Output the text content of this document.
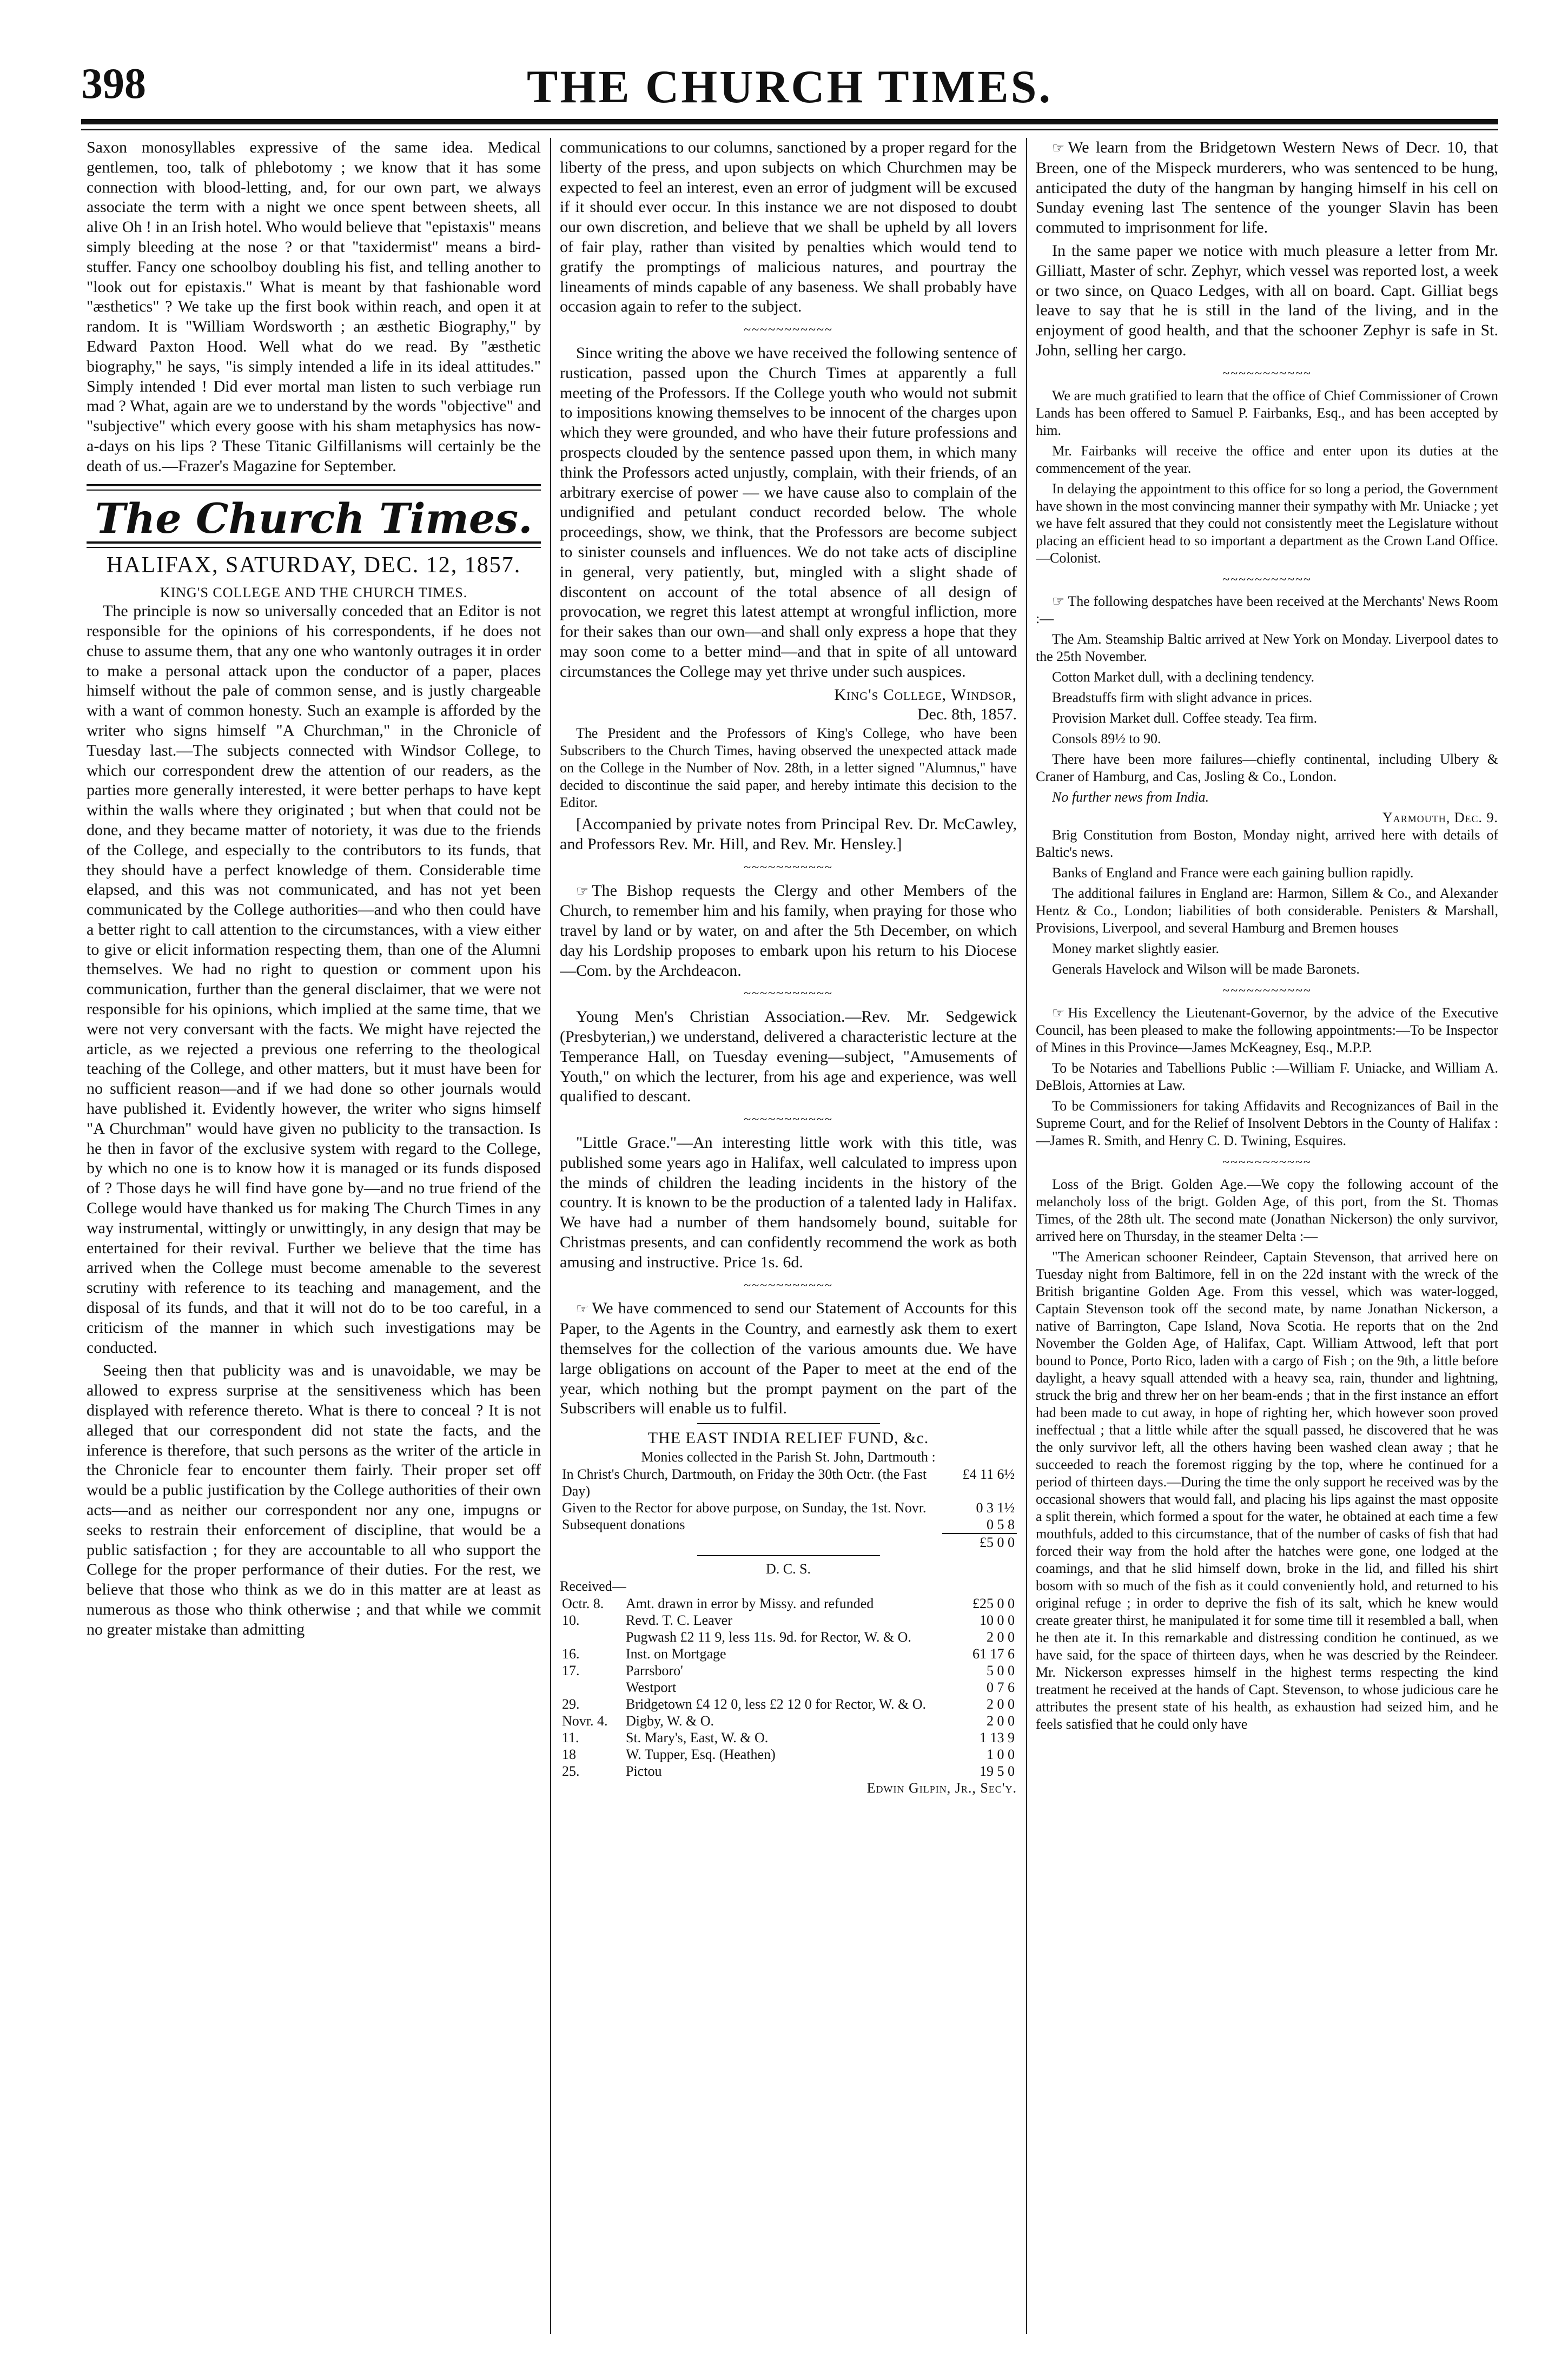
398	THE CHURCH TIMES.

Saxon monosyllables expressive of the same idea. Medical gentlemen, too, talk of phlebotomy ; we know that it has some connection with blood-letting, and, for our own part, we always associate the term with a night we once spent between sheets, all alive Oh ! in an Irish hotel. Who would believe that "epistaxis" means simply bleeding at the nose ? or that "taxidermist" means a bird-stuffer. Fancy one schoolboy doubling his fist, and telling another to "look out for epistaxis." What is meant by that fashionable word "æsthetics" ? We take up the first book within reach, and open it at random. It is "William Wordsworth ; an æsthetic Biography," by Edward Paxton Hood. Well what do we read. By "æsthetic biography," he says, "is simply intended a life in its ideal attitudes." Simply intended ! Did ever mortal man listen to such verbiage run mad ? What, again are we to understand by the words "objective" and "subjective" which every goose with his sham metaphysics has now-a-days on his lips ? These Titanic Gilfillanisms will certainly be the death of us.—Frazer's Magazine for September.

The Church Times.
HALIFAX, SATURDAY, DEC. 12, 1857.
KING'S COLLEGE AND THE CHURCH TIMES.

The principle is now so universally conceded that an Editor is not responsible for the opinions of his correspondents, if he does not chuse to assume them, that any one who wantonly outrages it in order to make a personal attack upon the conductor of a paper, places himself without the pale of common sense, and is justly chargeable with a want of common honesty. Such an example is afforded by the writer who signs himself "A Churchman," in the Chronicle of Tuesday last.—The subjects connected with Windsor College, to which our correspondent drew the attention of our readers, as the parties more generally interested, it were better perhaps to have kept within the walls where they originated ; but when that could not be done, and they became matter of notoriety, it was due to the friends of the College, and especially to the contributors to its funds, that they should have a perfect knowledge of them. Considerable time elapsed, and this was not communicated, and has not yet been communicated by the College authorities—and who then could have a better right to call attention to the circumstances, with a view either to give or elicit information respecting them, than one of the Alumni themselves. We had no right to question or comment upon his communication, further than the general disclaimer, that we were not responsible for his opinions, which implied at the same time, that we were not very conversant with the facts. We might have rejected the article, as we rejected a previous one referring to the theological teaching of the College, and other matters, but it must have been for no sufficient reason—and if we had done so other journals would have published it. Evidently however, the writer who signs himself "A Churchman" would have given no publicity to the transaction. Is he then in favor of the exclusive system with regard to the College, by which no one is to know how it is managed or its funds disposed of ? Those days he will find have gone by—and no true friend of the College would have thanked us for making The Church Times in any way instrumental, wittingly or unwittingly, in any design that may be entertained for their revival. Further we believe that the time has arrived when the College must become amenable to the severest scrutiny with reference to its teaching and management, and the disposal of its funds, and that it will not do to be too careful, in a criticism of the manner in which such investigations may be conducted.

Seeing then that publicity was and is unavoidable, we may be allowed to express surprise at the sensitiveness which has been displayed with reference thereto. What is there to conceal ? It is not alleged that our correspondent did not state the facts, and the inference is therefore, that such persons as the writer of the article in the Chronicle fear to encounter them fairly. Their proper set off would be a public justification by the College authorities of their own acts—and as neither our correspondent nor any one, impugns or seeks to restrain their enforcement of discipline, that would be a public satisfaction ; for they are accountable to all who support the College for the proper performance of their duties. For the rest, we believe that those who think as we do in this matter are at least as numerous as those who think otherwise ; and that while we commit no greater mistake than admitting

communications to our columns, sanctioned by a proper regard for the liberty of the press, and upon subjects on which Churchmen may be expected to feel an interest, even an error of judgment will be excused if it should ever occur. In this instance we are not disposed to doubt our own discretion, and believe that we shall be upheld by all lovers of fair play, rather than visited by penalties which would tend to gratify the promptings of malicious natures, and pourtray the lineaments of minds capable of any baseness. We shall probably have occasion again to refer to the subject.

~~~~~~~~~~~

Since writing the above we have received the following sentence of rustication, passed upon the Church Times at apparently a full meeting of the Professors. If the College youth who would not submit to impositions knowing themselves to be innocent of the charges upon which they were grounded, and who have their future professions and prospects clouded by the sentence passed upon them, in which many think the Professors acted unjustly, complain, with their friends, of an arbitrary exercise of power — we have cause also to complain of the undignified and petulant conduct recorded below. The whole proceedings, show, we think, that the Professors are become subject to sinister counsels and influences. We do not take acts of discipline in general, very patiently, but, mingled with a slight shade of discontent on account of the total absence of all design of provocation, we regret this latest attempt at wrongful infliction, more for their sakes than our own—and shall only express a hope that they may soon come to a better mind—and that in spite of all untoward circumstances the College may yet thrive under such auspices.

King's College, Windsor,
Dec. 8th, 1857.

The President and the Professors of King's College, who have been Subscribers to the Church Times, having observed the unexpected attack made on the College in the Number of Nov. 28th, in a letter signed "Alumnus," have decided to discontinue the said paper, and hereby intimate this decision to the Editor.

[Accompanied by private notes from Principal Rev. Dr. McCawley, and Professors Rev. Mr. Hill, and Rev. Mr. Hensley.]

~~~~~~~~~~~

☞ The Bishop requests the Clergy and other Members of the Church, to remember him and his family, when praying for those who travel by land or by water, on and after the 5th December, on which day his Lordship proposes to embark upon his return to his Diocese —Com. by the Archdeacon.

~~~~~~~~~~~

Young Men's Christian Association.—Rev. Mr. Sedgewick (Presbyterian,) we understand, delivered a characteristic lecture at the Temperance Hall, on Tuesday evening—subject, "Amusements of Youth," on which the lecturer, from his age and experience, was well qualified to descant.

~~~~~~~~~~~

"Little Grace."—An interesting little work with this title, was published some years ago in Halifax, well calculated to impress upon the minds of children the leading incidents in the history of the country. It is known to be the production of a talented lady in Halifax. We have had a number of them handsomely bound, suitable for Christmas presents, and can confidently recommend the work as both amusing and instructive. Price 1s. 6d.

~~~~~~~~~~~

☞ We have commenced to send our Statement of Accounts for this Paper, to the Agents in the Country, and earnestly ask them to exert themselves for the collection of the various amounts due. We have large obligations on account of the Paper to meet at the end of the year, which nothing but the prompt payment on the part of the Subscribers will enable us to fulfil.

THE EAST INDIA RELIEF FUND, &c.
Monies collected in the Parish St. John, Dartmouth :
In Christ's Church, Dartmouth, on Friday the 30th Octr. (the Fast Day)	£4 11 6½
Given to the Rector for above purpose, on Sunday, the 1st. Novr.	0 3 1½
Subsequent donations	0 5 8
	£5 0 0
D. C. S.
Received—
Octr. 8.	Amt. drawn in error by Missy. and refunded	£25 0 0
10.	Revd. T. C. Leaver	10 0 0
	Pugwash £2 11 9, less 11s. 9d. for Rector, W. & O.	2 0 0
16.	Inst. on Mortgage	61 17 6
17.	Parrsboro'	5 0 0
	Westport	0 7 6
29.	Bridgetown £4 12 0, less £2 12 0 for Rector, W. & O.	2 0 0
Novr. 4.	Digby, W. & O.	2 0 0
11.	St. Mary's, East, W. & O.	1 13 9
18	W. Tupper, Esq. (Heathen)	1 0 0
25.	Pictou	19 5 0
Edwin Gilpin, Jr., Sec'y.

☞ We learn from the Bridgetown Western News of Decr. 10, that Breen, one of the Mispeck murderers, who was sentenced to be hung, anticipated the duty of the hangman by hanging himself in his cell on Sunday evening last The sentence of the younger Slavin has been commuted to imprisonment for life.

In the same paper we notice with much pleasure a letter from Mr. Gilliatt, Master of schr. Zephyr, which vessel was reported lost, a week or two since, on Quaco Ledges, with all on board. Capt. Gilliat begs leave to say that he is still in the land of the living, and in the enjoyment of good health, and that the schooner Zephyr is safe in St. John, selling her cargo.

~~~~~~~~~~~

We are much gratified to learn that the office of Chief Commissioner of Crown Lands has been offered to Samuel P. Fairbanks, Esq., and has been accepted by him.

Mr. Fairbanks will receive the office and enter upon its duties at the commencement of the year.

In delaying the appointment to this office for so long a period, the Government have shown in the most convincing manner their sympathy with Mr. Uniacke ; yet we have felt assured that they could not consistently meet the Legislature without placing an efficient head to so important a department as the Crown Land Office.—Colonist.

~~~~~~~~~~~

☞ The following despatches have been received at the Merchants' News Room :—

The Am. Steamship Baltic arrived at New York on Monday. Liverpool dates to the 25th November.

Cotton Market dull, with a declining tendency.

Breadstuffs firm with slight advance in prices.

Provision Market dull. Coffee steady. Tea firm.

Consols 89½ to 90.

There have been more failures—chiefly continental, including Ulbery & Craner of Hamburg, and Cas, Josling & Co., London.

No further news from India.

Yarmouth, Dec. 9.

Brig Constitution from Boston, Monday night, arrived here with details of Baltic's news.

Banks of England and France were each gaining bullion rapidly.

The additional failures in England are: Harmon, Sillem & Co., and Alexander Hentz & Co., London; liabilities of both considerable. Penisters & Marshall, Provisions, Liverpool, and several Hamburg and Bremen houses

Money market slightly easier.

Generals Havelock and Wilson will be made Baronets.

~~~~~~~~~~~

☞ His Excellency the Lieutenant-Governor, by the advice of the Executive Council, has been pleased to make the following appointments:—To be Inspector of Mines in this Province—James McKeagney, Esq., M.P.P.

To be Notaries and Tabellions Public :—William F. Uniacke, and William A. DeBlois, Attornies at Law.

To be Commissioners for taking Affidavits and Recognizances of Bail in the Supreme Court, and for the Relief of Insolvent Debtors in the County of Halifax :—James R. Smith, and Henry C. D. Twining, Esquires.

~~~~~~~~~~~

Loss of the Brigt. Golden Age.—We copy the following account of the melancholy loss of the brigt. Golden Age, of this port, from the St. Thomas Times, of the 28th ult. The second mate (Jonathan Nickerson) the only survivor, arrived here on Thursday, in the steamer Delta :—

"The American schooner Reindeer, Captain Stevenson, that arrived here on Tuesday night from Baltimore, fell in on the 22d instant with the wreck of the British brigantine Golden Age. From this vessel, which was water-logged, Captain Stevenson took off the second mate, by name Jonathan Nickerson, a native of Barrington, Cape Island, Nova Scotia. He reports that on the 2nd November the Golden Age, of Halifax, Capt. William Attwood, left that port bound to Ponce, Porto Rico, laden with a cargo of Fish ; on the 9th, a little before daylight, a heavy squall attended with a heavy sea, rain, thunder and lightning, struck the brig and threw her on her beam-ends ; that in the first instance an effort had been made to cut away, in hope of righting her, which however soon proved ineffectual ; that a little while after the squall passed, he discovered that he was the only survivor left, all the others having been washed clean away ; that he succeeded to reach the foremost rigging by the top, where he continued for a period of thirteen days.—During the time the only support he received was by the occasional showers that would fall, and placing his lips against the mast opposite a split therein, which formed a spout for the water, he obtained at each time a few mouthfuls, added to this circumstance, that of the number of casks of fish that had forced their way from the hold after the hatches were gone, one lodged at the coamings, and that he slid himself down, broke in the lid, and filled his shirt bosom with so much of the fish as it could conveniently hold, and returned to his original refuge ; in order to deprive the fish of its salt, which he knew would create greater thirst, he manipulated it for some time till it resembled a ball, when he then ate it. In this remarkable and distressing condition he continued, as we have said, for the space of thirteen days, when he was descried by the Reindeer. Mr. Nickerson expresses himself in the highest terms respecting the kind treatment he received at the hands of Capt. Stevenson, to whose judicious care he attributes the present state of his health, as exhaustion had seized him, and he feels satisfied that he could only have
